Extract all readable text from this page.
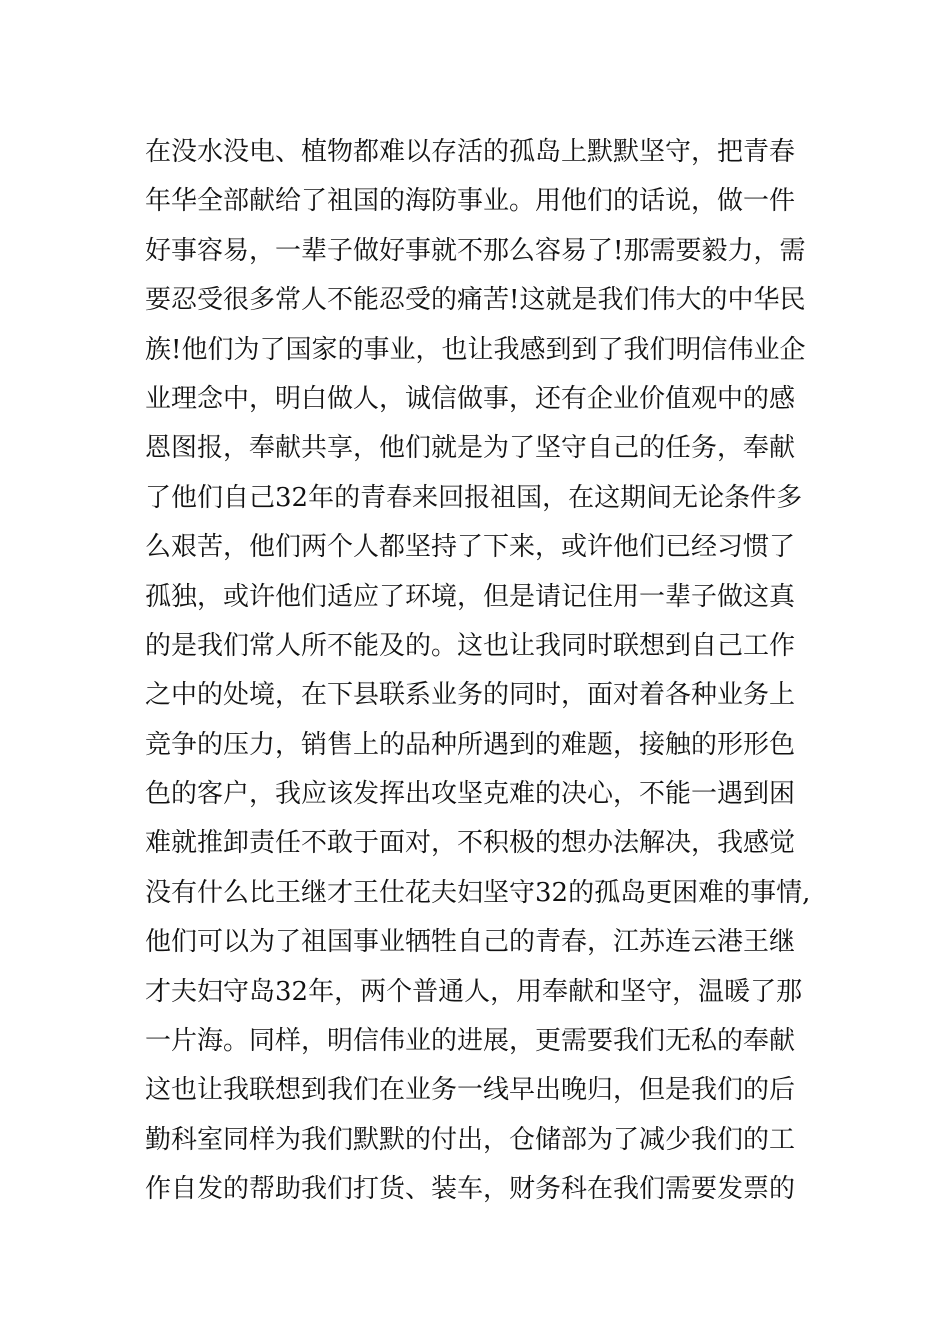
在没水没电、植物都难以存活的孤岛上默默坚守，把青春
年华全部献给了祖国的海防事业。用他们的话说，做一件
好事容易，一辈子做好事就不那么容易了!那需要毅力，需
要忍受很多常人不能忍受的痛苦!这就是我们伟大的中华民
族!他们为了国家的事业，也让我感到到了我们明信伟业企
业理念中，明白做人，诚信做事，还有企业价值观中的感
恩图报，奉献共享，他们就是为了坚守自己的任务，奉献
了他们自己32年的青春来回报祖国，在这期间无论条件多
么艰苦，他们两个人都坚持了下来，或许他们已经习惯了
孤独，或许他们适应了环境，但是请记住用一辈子做这真
的是我们常人所不能及的。这也让我同时联想到自己工作
之中的处境，在下县联系业务的同时，面对着各种业务上
竞争的压力，销售上的品种所遇到的难题，接触的形形色
色的客户，我应该发挥出攻坚克难的决心，不能一遇到困
难就推卸责任不敢于面对，不积极的想办法解决，我感觉
没有什么比王继才王仕花夫妇坚守32的孤岛更困难的事情,
他们可以为了祖国事业牺牲自己的青春，江苏连云港王继
才夫妇守岛32年，两个普通人，用奉献和坚守，温暖了那
一片海。同样，明信伟业的进展，更需要我们无私的奉献
这也让我联想到我们在业务一线早出晚归，但是我们的后
勤科室同样为我们默默的付出，仓储部为了减少我们的工
作自发的帮助我们打货、装车，财务科在我们需要发票的
